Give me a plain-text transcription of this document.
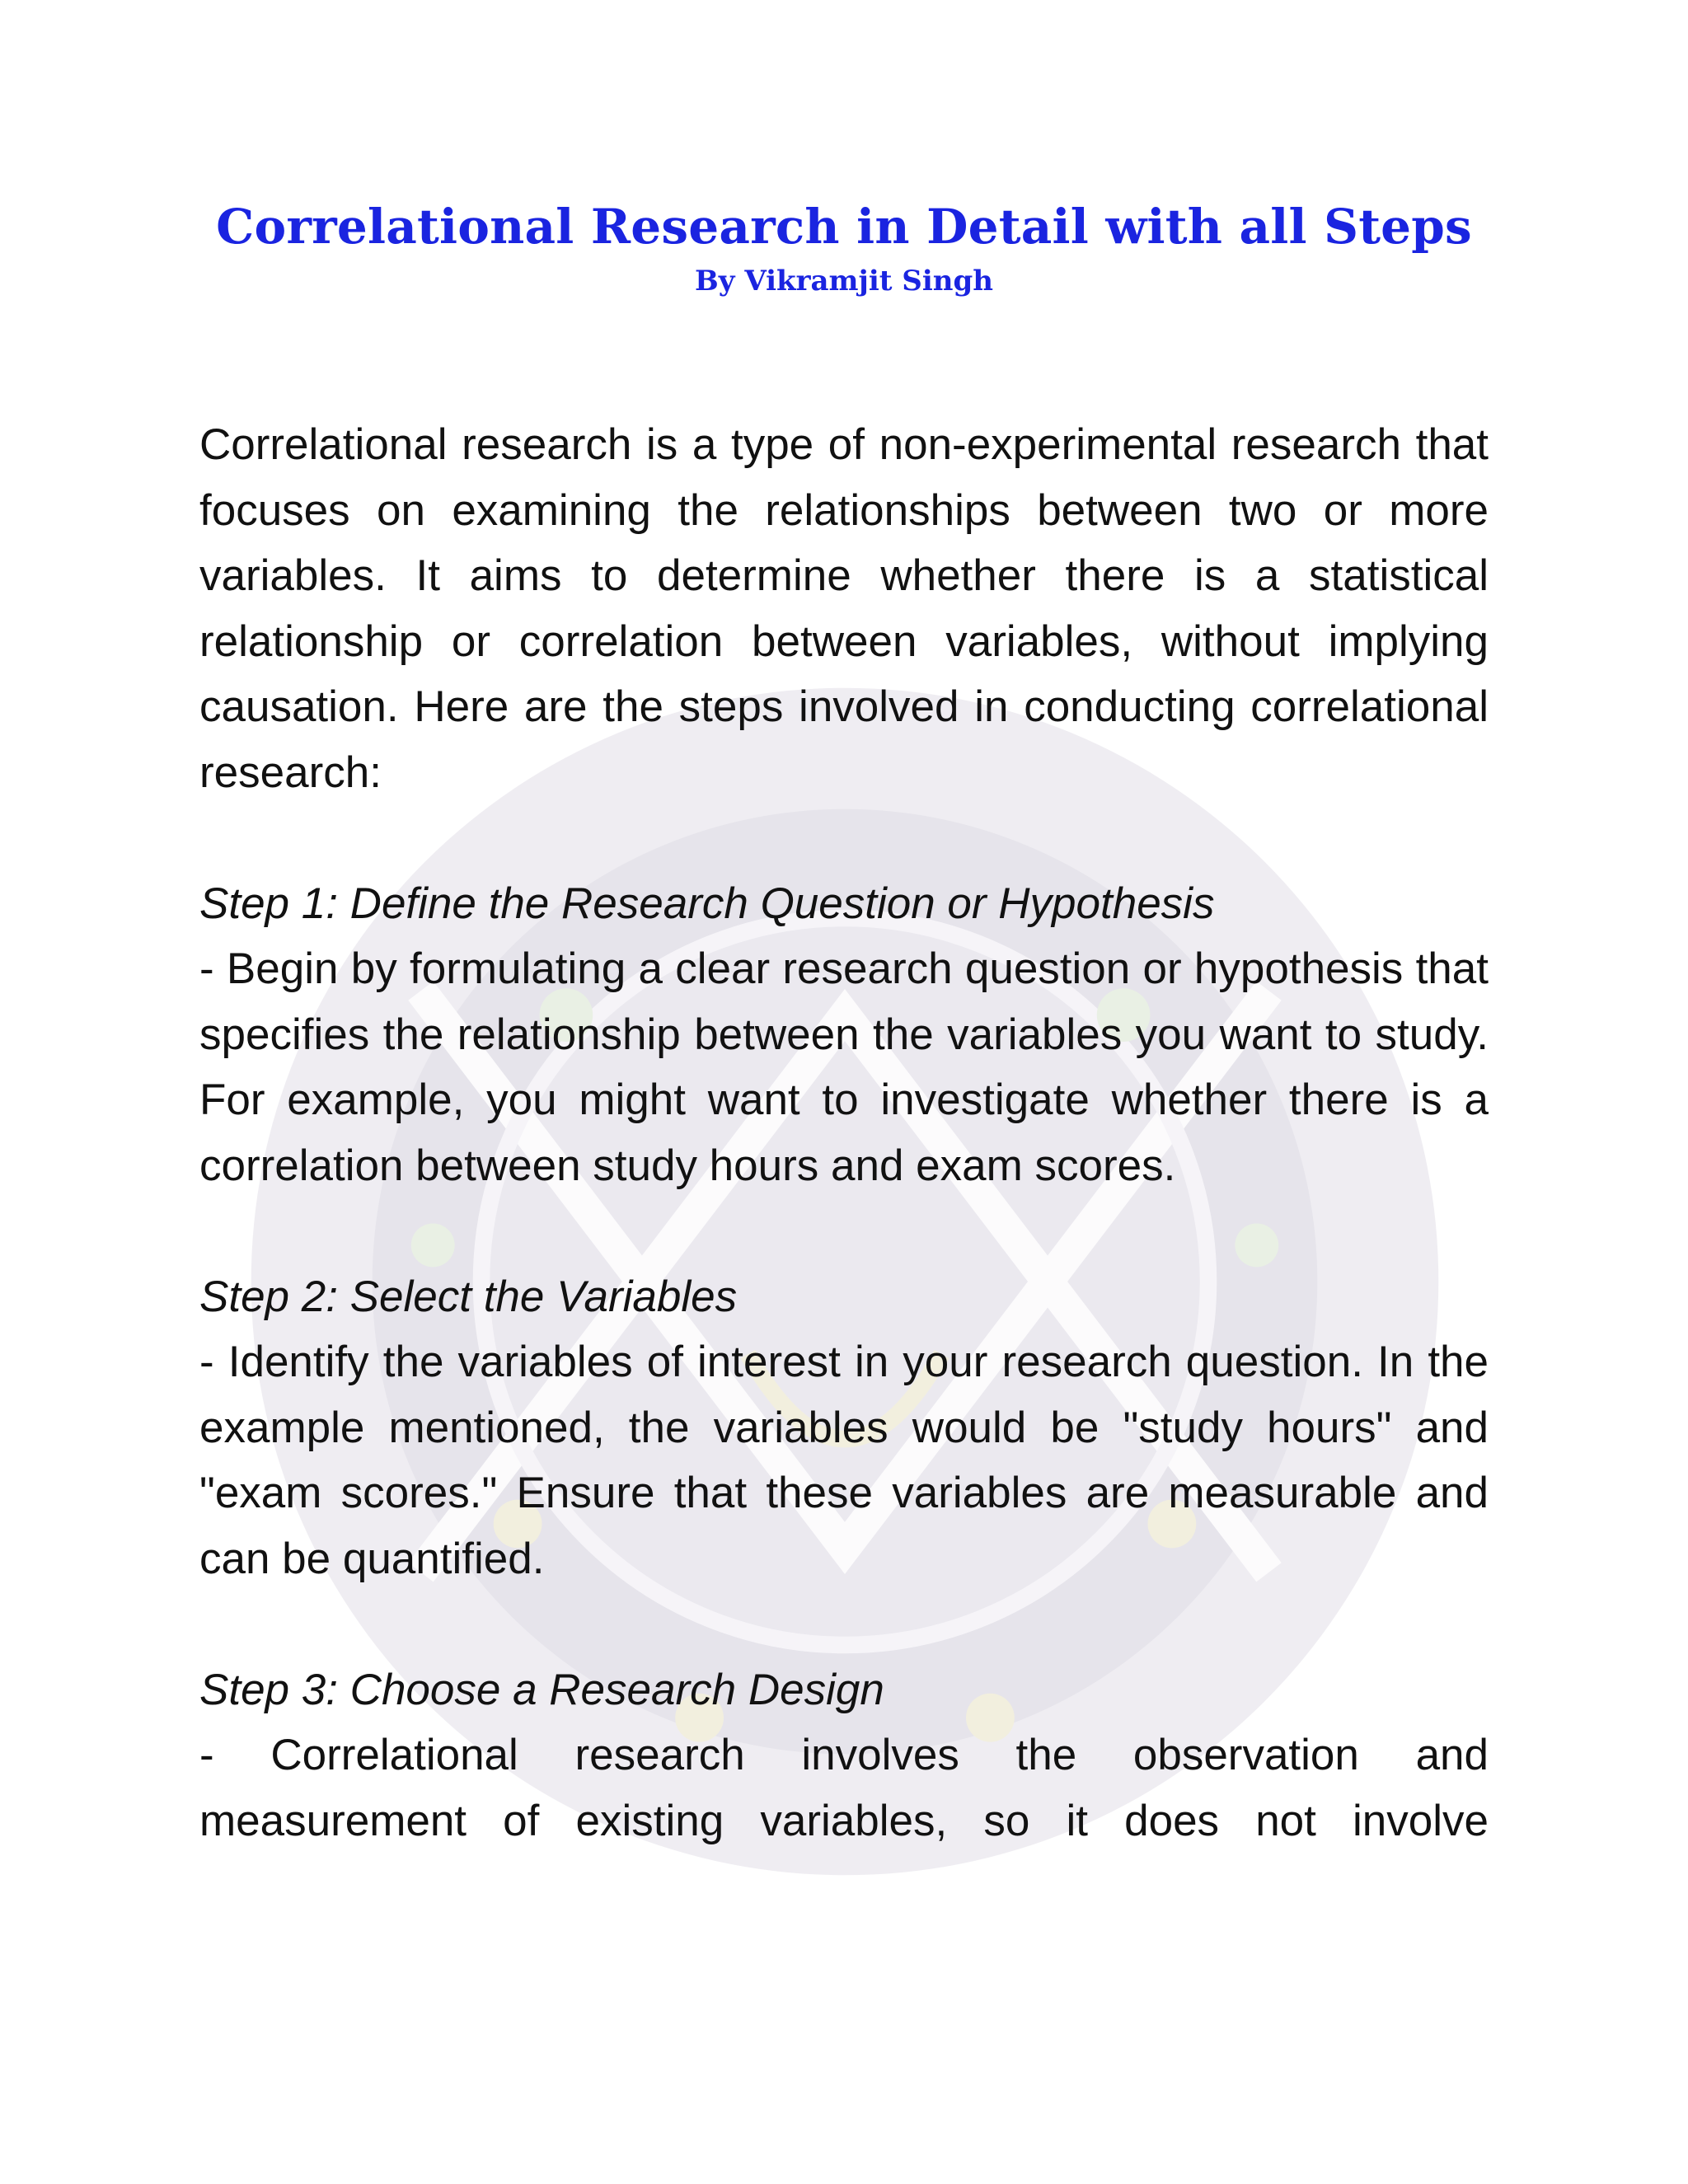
Correlational Research in Detail with all Steps
By Vikramjit Singh

Correlational research is a type of non-experimental research that focuses on examining the relationships between two or more variables. It aims to determine whether there is a statistical relationship or correlation between variables, without implying causation. Here are the steps involved in conducting correlational research:

Step 1: Define the Research Question or Hypothesis

- Begin by formulating a clear research question or hypothesis that specifies the relationship between the variables you want to study. For example, you might want to investigate whether there is a correlation between study hours and exam scores.

Step 2: Select the Variables

- Identify the variables of interest in your research question. In the example mentioned, the variables would be "study hours" and "exam scores." Ensure that these variables are measurable and can be quantified.

Step 3: Choose a Research Design

- Correlational research involves the observation and measurement of existing variables, so it does not involve
